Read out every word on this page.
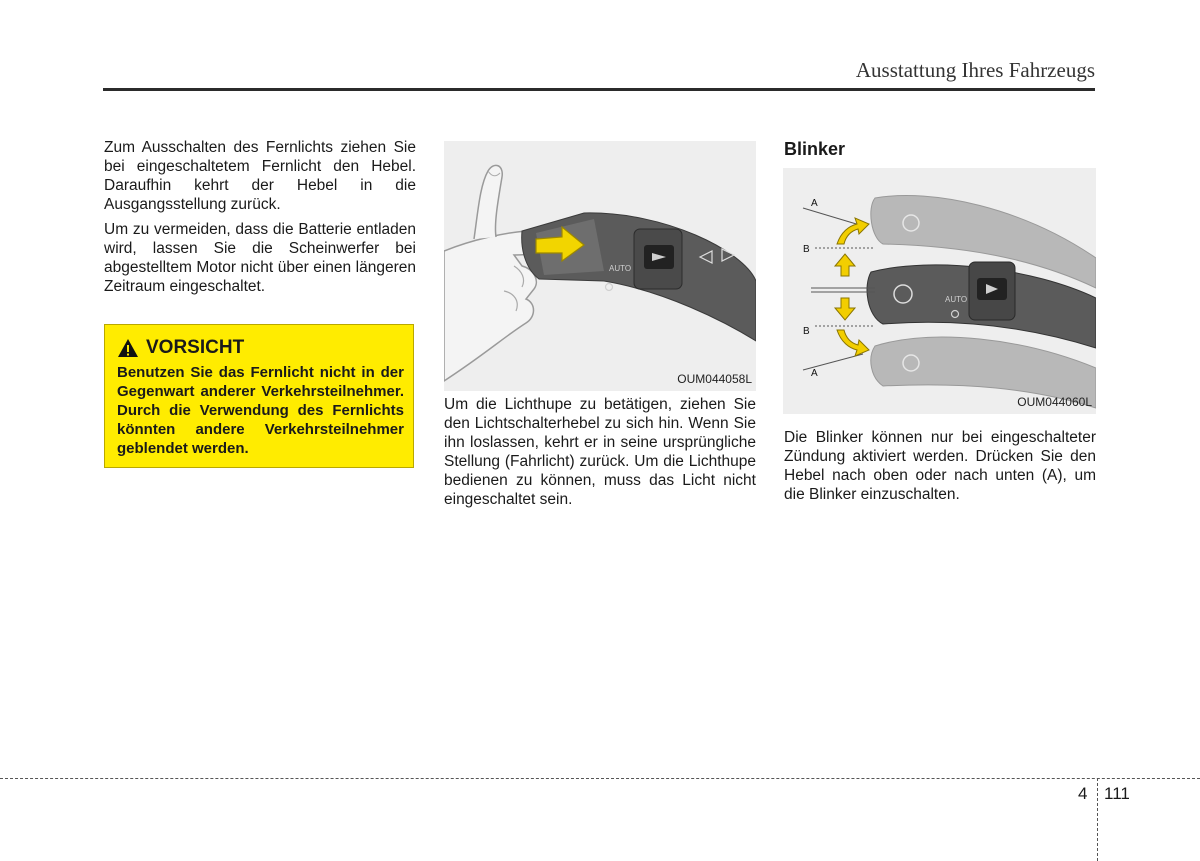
Ausstattung Ihres Fahrzeugs

Zum Ausschalten des Fernlichts ziehen Sie bei eingeschaltetem Fernlicht den Hebel. Daraufhin kehrt der Hebel in die Ausgangsstellung zurück.

Um zu vermeiden, dass die Batterie entladen wird, lassen Sie die Scheinwerfer bei abgestelltem Motor nicht über einen längeren Zeitraum eingeschaltet.

VORSICHT
Benutzen Sie das Fernlicht nicht in der Gegenwart anderer Verkehrsteilnehmer. Durch die Verwendung des Fernlichts könnten andere Verkehrsteilnehmer geblendet werden.
AUTO
OUM044058L

Um die Lichthupe zu betätigen, ziehen Sie den Lichtschalterhebel zu sich hin. Wenn Sie ihn loslassen, kehrt er in seine ursprüngliche Stellung (Fahrlicht) zurück. Um die Lichthupe bedienen zu können, muss das Licht nicht eingeschaltet sein.

Blinker
AUTO
A
B
B
A
OUM044060L

Die Blinker können nur bei eingeschalteter Zündung aktiviert werden. Drücken Sie den Hebel nach oben oder nach unten (A), um die Blinker einzuschalten.

4 111
